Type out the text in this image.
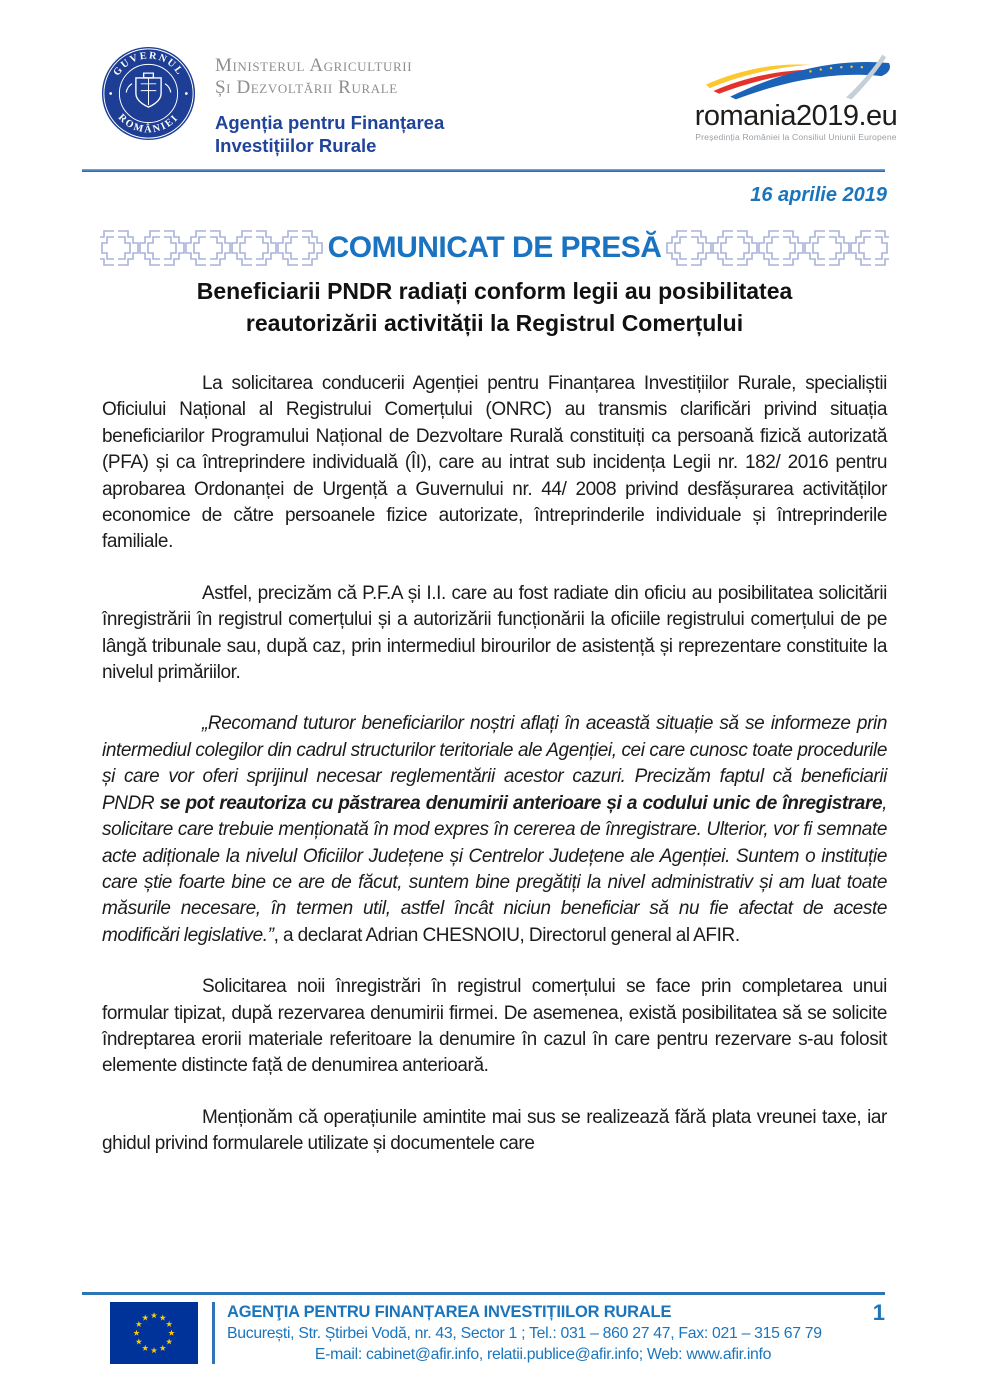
GUVERNUL
ROMÂNIEI
Ministerul Agriculturii
Și Dezvoltării Rurale
Agenția pentru Finanțarea
Investițiilor Rurale
romania2019.eu
Președinția României la Consiliul Uniunii Europene
16 aprilie 2019
COMUNICAT DE PRESĂ
Beneficiarii PNDR radiați conform legii au posibilitatea
reautorizării activității la Registrul Comerțului

La solicitarea conducerii Agenției pentru Finanțarea Investițiilor Rurale, specialiștii Oficiului Național al Registrului Comerțului (ONRC) au transmis clarificări privind situația beneficiarilor Programului Național de Dezvoltare Rurală constituiți ca persoană fizică autorizată (PFA) și ca întreprindere individuală (ÎI), care au intrat sub incidența Legii nr. 182/ 2016 pentru aprobarea Ordonanței de Urgență a Guvernului nr. 44/ 2008 privind desfășurarea activităților economice de către persoanele fizice autorizate, întreprinderile individuale și întreprinderile familiale.

Astfel, precizăm că P.F.A și I.I. care au fost radiate din oficiu au posibilitatea solicitării înregistrării în registrul comerțului și a autorizării funcționării la oficiile registrului comerțului de pe lângă tribunale sau, după caz, prin intermediul birourilor de asistență și reprezentare constituite la nivelul primăriilor.

„Recomand tuturor beneficiarilor noștri aflați în această situație să se informeze prin intermediul colegilor din cadrul structurilor teritoriale ale Agenției, cei care cunosc toate procedurile și care vor oferi sprijinul necesar reglementării acestor cazuri. Precizăm faptul că beneficiarii PNDR se pot reautoriza cu păstrarea denumirii anterioare și a codului unic de înregistrare, solicitare care trebuie menționată în mod expres în cererea de înregistrare. Ulterior, vor fi semnate acte adiționale la nivelul Oficiilor Județene și Centrelor Județene ale Agenției. Suntem o instituție care știe foarte bine ce are de făcut, suntem bine pregătiți la nivel administrativ și am luat toate măsurile necesare, în termen util, astfel încât niciun beneficiar să nu fie afectat de aceste modificări legislative.”, a declarat Adrian CHESNOIU, Directorul general al AFIR.

Solicitarea noii înregistrări în registrul comerțului se face prin completarea unui formular tipizat, după rezervarea denumirii firmei. De asemenea, există posibilitatea să se solicite îndreptarea erorii materiale referitoare la denumire în cazul în care pentru rezervare s-au folosit elemente distincte față de denumirea anterioară.

Menționăm că operațiunile amintite mai sus se realizează fără plata vreunei taxe, iar ghidul privind formularele utilizate și documentele care

AGENŢIA PENTRU FINANȚAREA INVESTIȚIILOR RURALE
București, Str. Știrbei Vodă, nr. 43, Sector 1 ; Tel.: 031 – 860 27 47, Fax: 021 – 315 67 79
E-mail: cabinet@afir.info, relatii.publice@afir.info; Web: www.afir.info
1
